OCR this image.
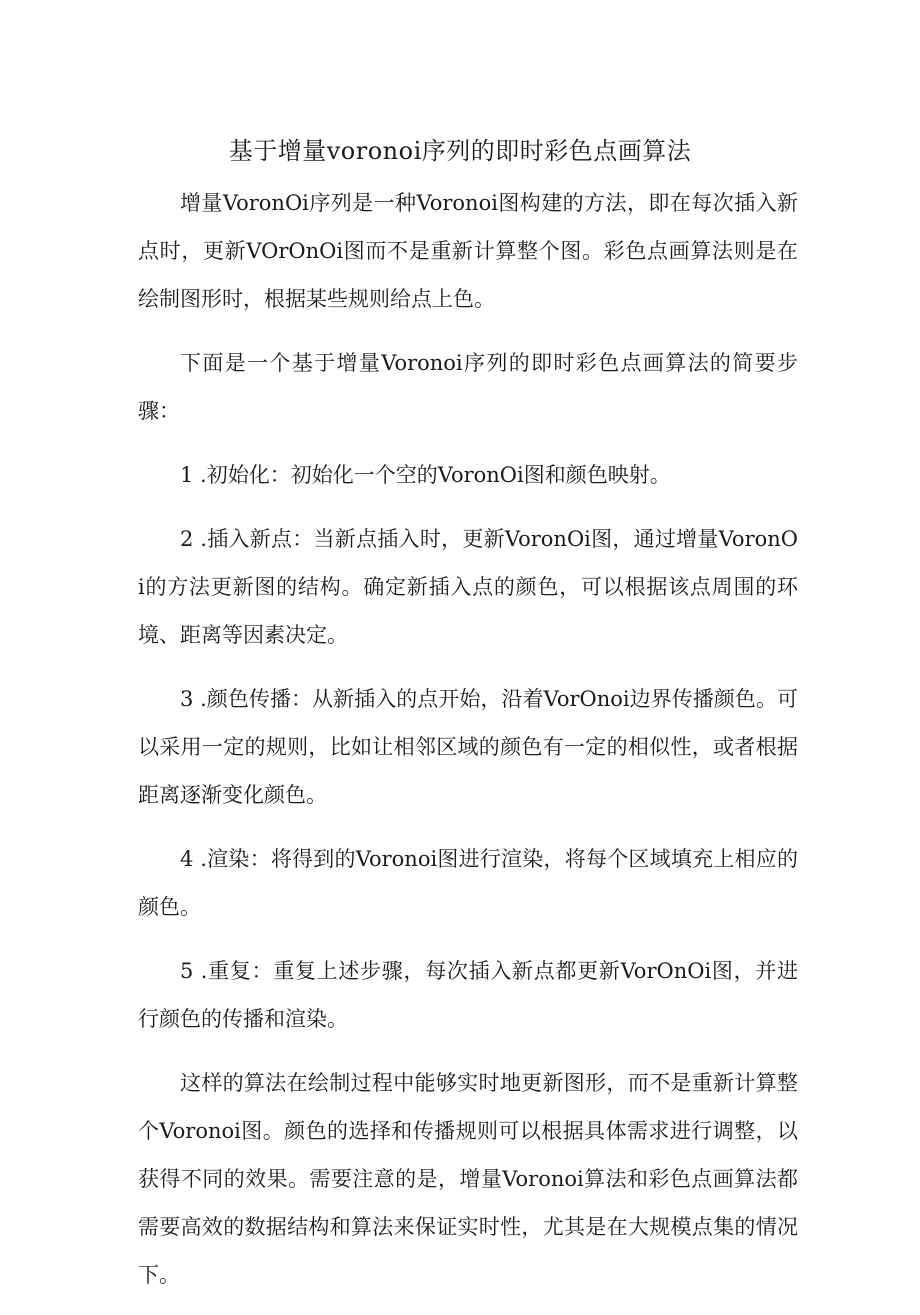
基于增量voronoi序列的即时彩色点画算法

增量VoronOi序列是一种Voronoi图构建的方法，即在每次插入新点时，更新VOrOnOi图而不是重新计算整个图。彩色点画算法则是在绘制图形时，根据某些规则给点上色。

下面是一个基于增量Voronoi序列的即时彩色点画算法的简要步骤：

1 .初始化：初始化一个空的VoronOi图和颜色映射。

2 .插入新点：当新点插入时，更新VoronOi图，通过增量VoronOi的方法更新图的结构。确定新插入点的颜色，可以根据该点周围的环境、距离等因素决定。

3 .颜色传播：从新插入的点开始，沿着VorOnoi边界传播颜色。可以采用一定的规则，比如让相邻区域的颜色有一定的相似性，或者根据距离逐渐变化颜色。

4 .渲染：将得到的Voronoi图进行渲染，将每个区域填充上相应的颜色。

5 .重复：重复上述步骤，每次插入新点都更新VorOnOi图，并进行颜色的传播和渲染。

这样的算法在绘制过程中能够实时地更新图形，而不是重新计算整个Voronoi图。颜色的选择和传播规则可以根据具体需求进行调整，以获得不同的效果。需要注意的是，增量Voronoi算法和彩色点画算法都需要高效的数据结构和算法来保证实时性，尤其是在大规模点集的情况下。
